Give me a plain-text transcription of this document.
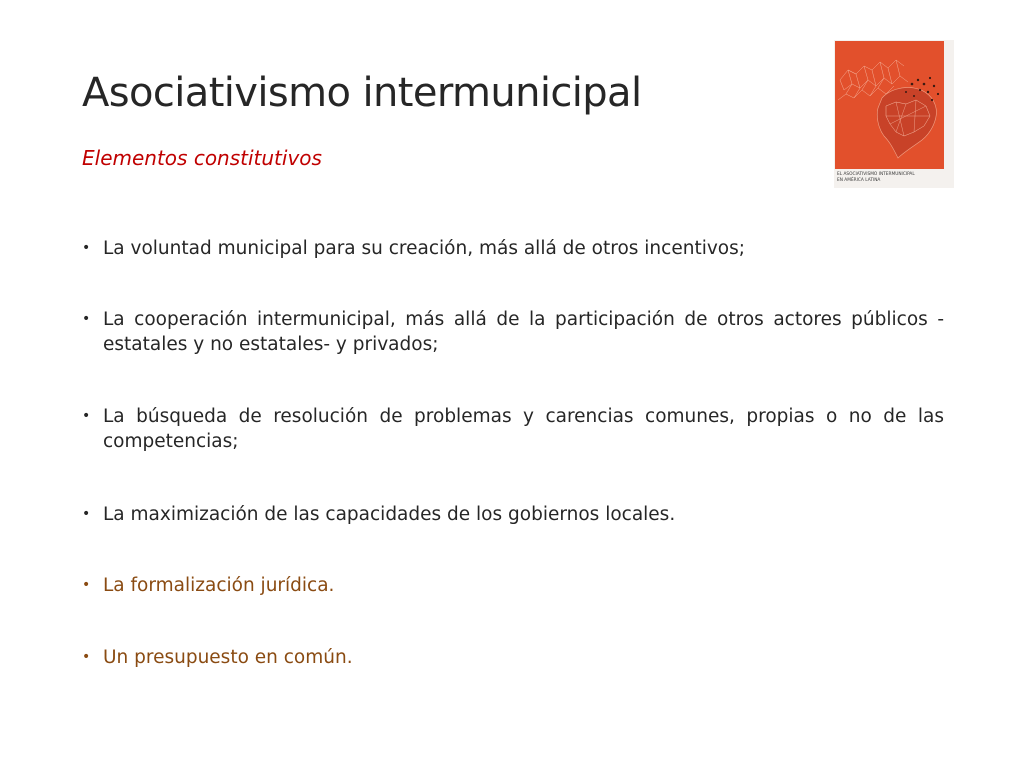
Asociativismo intermunicipal
Elementos constitutivos
EL ASOCIATIVISMO INTERMUNICIPAL
EN AMÉRICA LATINA
• La voluntad municipal para su creación, más allá de otros incentivos;
• La cooperación intermunicipal, más allá de la participación de otros actores públicos -estatales y no estatales- y privados;
• La búsqueda de resolución de problemas y carencias comunes, propias o no de las competencias;
• La maximización de las capacidades de los gobiernos locales.
• La formalización jurídica.
• Un presupuesto en común.
